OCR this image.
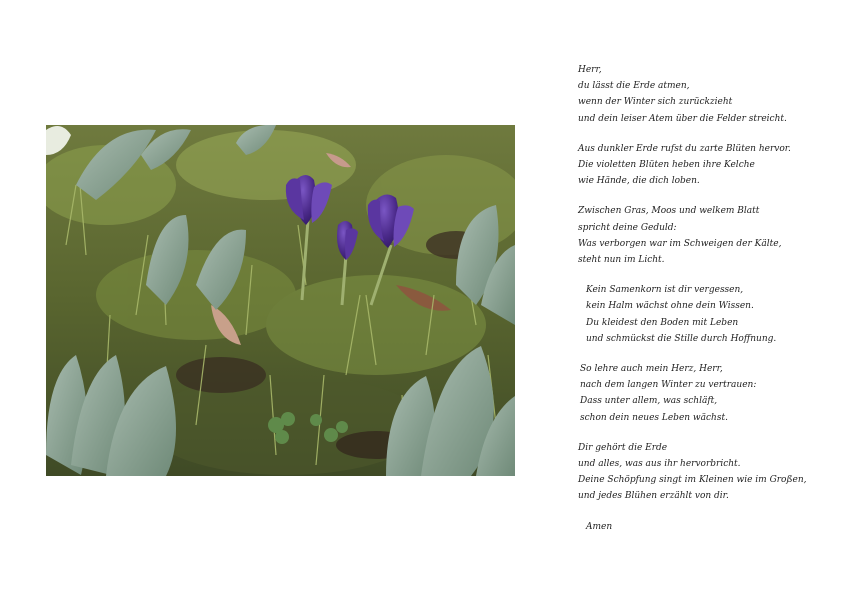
Herr,
du lässt die Erde atmen,
wenn der Winter sich zurückzieht
und dein leiser Atem über die Felder streicht.
Aus dunkler Erde rufst du zarte Blüten hervor.
Die violetten Blüten heben ihre Kelche
wie Hände, die dich loben.
Zwischen Gras, Moos und welkem Blatt
spricht deine Geduld:
Was verborgen war im Schweigen der Kälte,
steht nun im Licht.
Kein Samenkorn ist dir vergessen,
kein Halm wächst ohne dein Wissen.
Du kleidest den Boden mit Leben
und schmückst die Stille durch Hoffnung.
So lehre auch mein Herz, Herr,
nach dem langen Winter zu vertrauen:
Dass unter allem, was schläft,
schon dein neues Leben wächst.
Dir gehört die Erde
und alles, was aus ihr hervorbricht.
Deine Schöpfung singt im Kleinen wie im Großen,
und jedes Blühen erzählt von dir.
Amen
